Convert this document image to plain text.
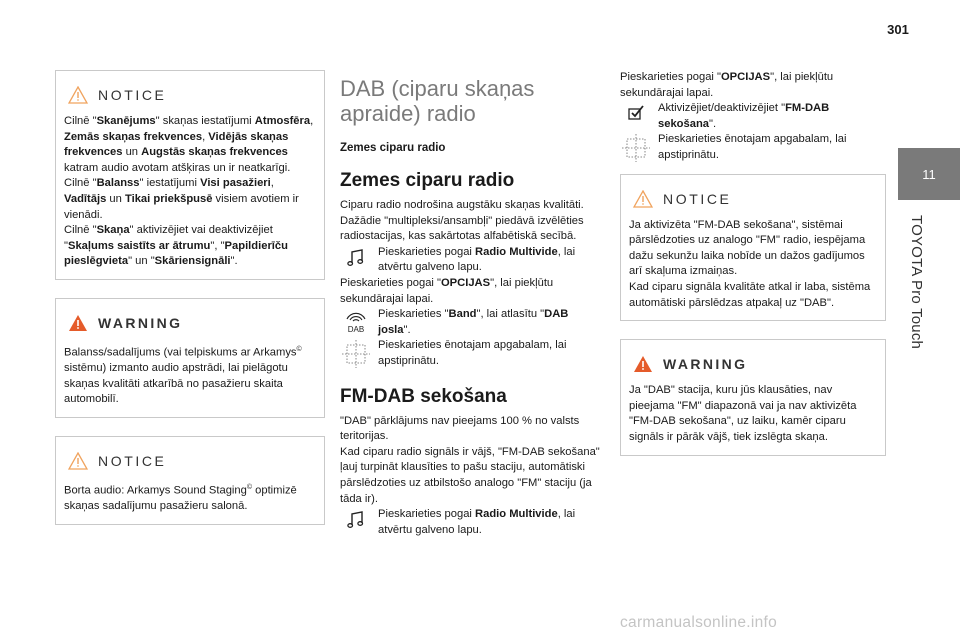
301
11
TOYOTA Pro Touch
NOTICE

Cilnē "Skanējums" skaņas iestatījumi Atmosfēra, Zemās skaņas frekvences, Vidējās skaņas frekvences un Augstās skaņas frekvences katram audio avotam atšķiras un ir neatkarīgi.

Cilnē "Balanss" iestatījumi Visi pasažieri, Vadītājs un Tikai priekšpusē visiem avotiem ir vienādi.

Cilnē "Skaņa" aktivizējiet vai deaktivizējiet "Skaļums saistīts ar ātrumu", "Papildierīču pieslēgvieta" un "Skāriensignāli".

WARNING

Balanss/sadalījums (vai telpiskums ar Arkamys© sistēmu) izmanto audio apstrādi, lai pielāgotu skaņas kvalitāti atkarībā no pasažieru skaita automobilī.

NOTICE

Borta audio: Arkamys Sound Staging© optimizē skaņas sadalījumu pasažieru salonā.

DAB (ciparu skaņas apraide) radio
Zemes ciparu radio
Zemes ciparu radio
Ciparu radio nodrošina augstāku skaņas kvalitāti.
Dažādie "multipleksi/ansambļi" piedāvā izvēlēties radiostacijas, kas sakārtotas alfabētiskā secībā.
Pieskarieties pogai Radio Multivide, lai atvērtu galveno lapu.
Pieskarieties pogai "OPCIJAS", lai piekļūtu sekundārajai lapai.
DAB
Pieskarieties "Band", lai atlasītu "DAB josla".
Pieskarieties ēnotajam apgabalam, lai apstiprinātu.
FM-DAB sekošana
"DAB" pārklājums nav pieejams 100 % no valsts teritorijas.
Kad ciparu radio signāls ir vājš, "FM-DAB sekošana" ļauj turpināt klausīties to pašu staciju, automātiski pārslēdzoties uz atbilstošo analogo "FM" staciju (ja tāda ir).
Pieskarieties pogai Radio Multivide, lai atvērtu galveno lapu.
Pieskarieties pogai "OPCIJAS", lai piekļūtu sekundārajai lapai.
Aktivizējiet/deaktivizējiet "FM-DAB sekošana".
Pieskarieties ēnotajam apgabalam, lai apstiprinātu.
NOTICE

Ja aktivizēta "FM-DAB sekošana", sistēmai pārslēdzoties uz analogo "FM" radio, iespējama dažu sekunžu laika nobīde un dažos gadījumos arī skaļuma izmaiņas.

Kad ciparu signāla kvalitāte atkal ir laba, sistēma automātiski pārslēdzas atpakaļ uz "DAB".

WARNING

Ja "DAB" stacija, kuru jūs klausāties, nav pieejama "FM" diapazonā vai ja nav aktivizēta "FM-DAB sekošana", uz laiku, kamēr ciparu signāls ir pārāk vājš, tiek izslēgta skaņa.

carmanualsonline.info
